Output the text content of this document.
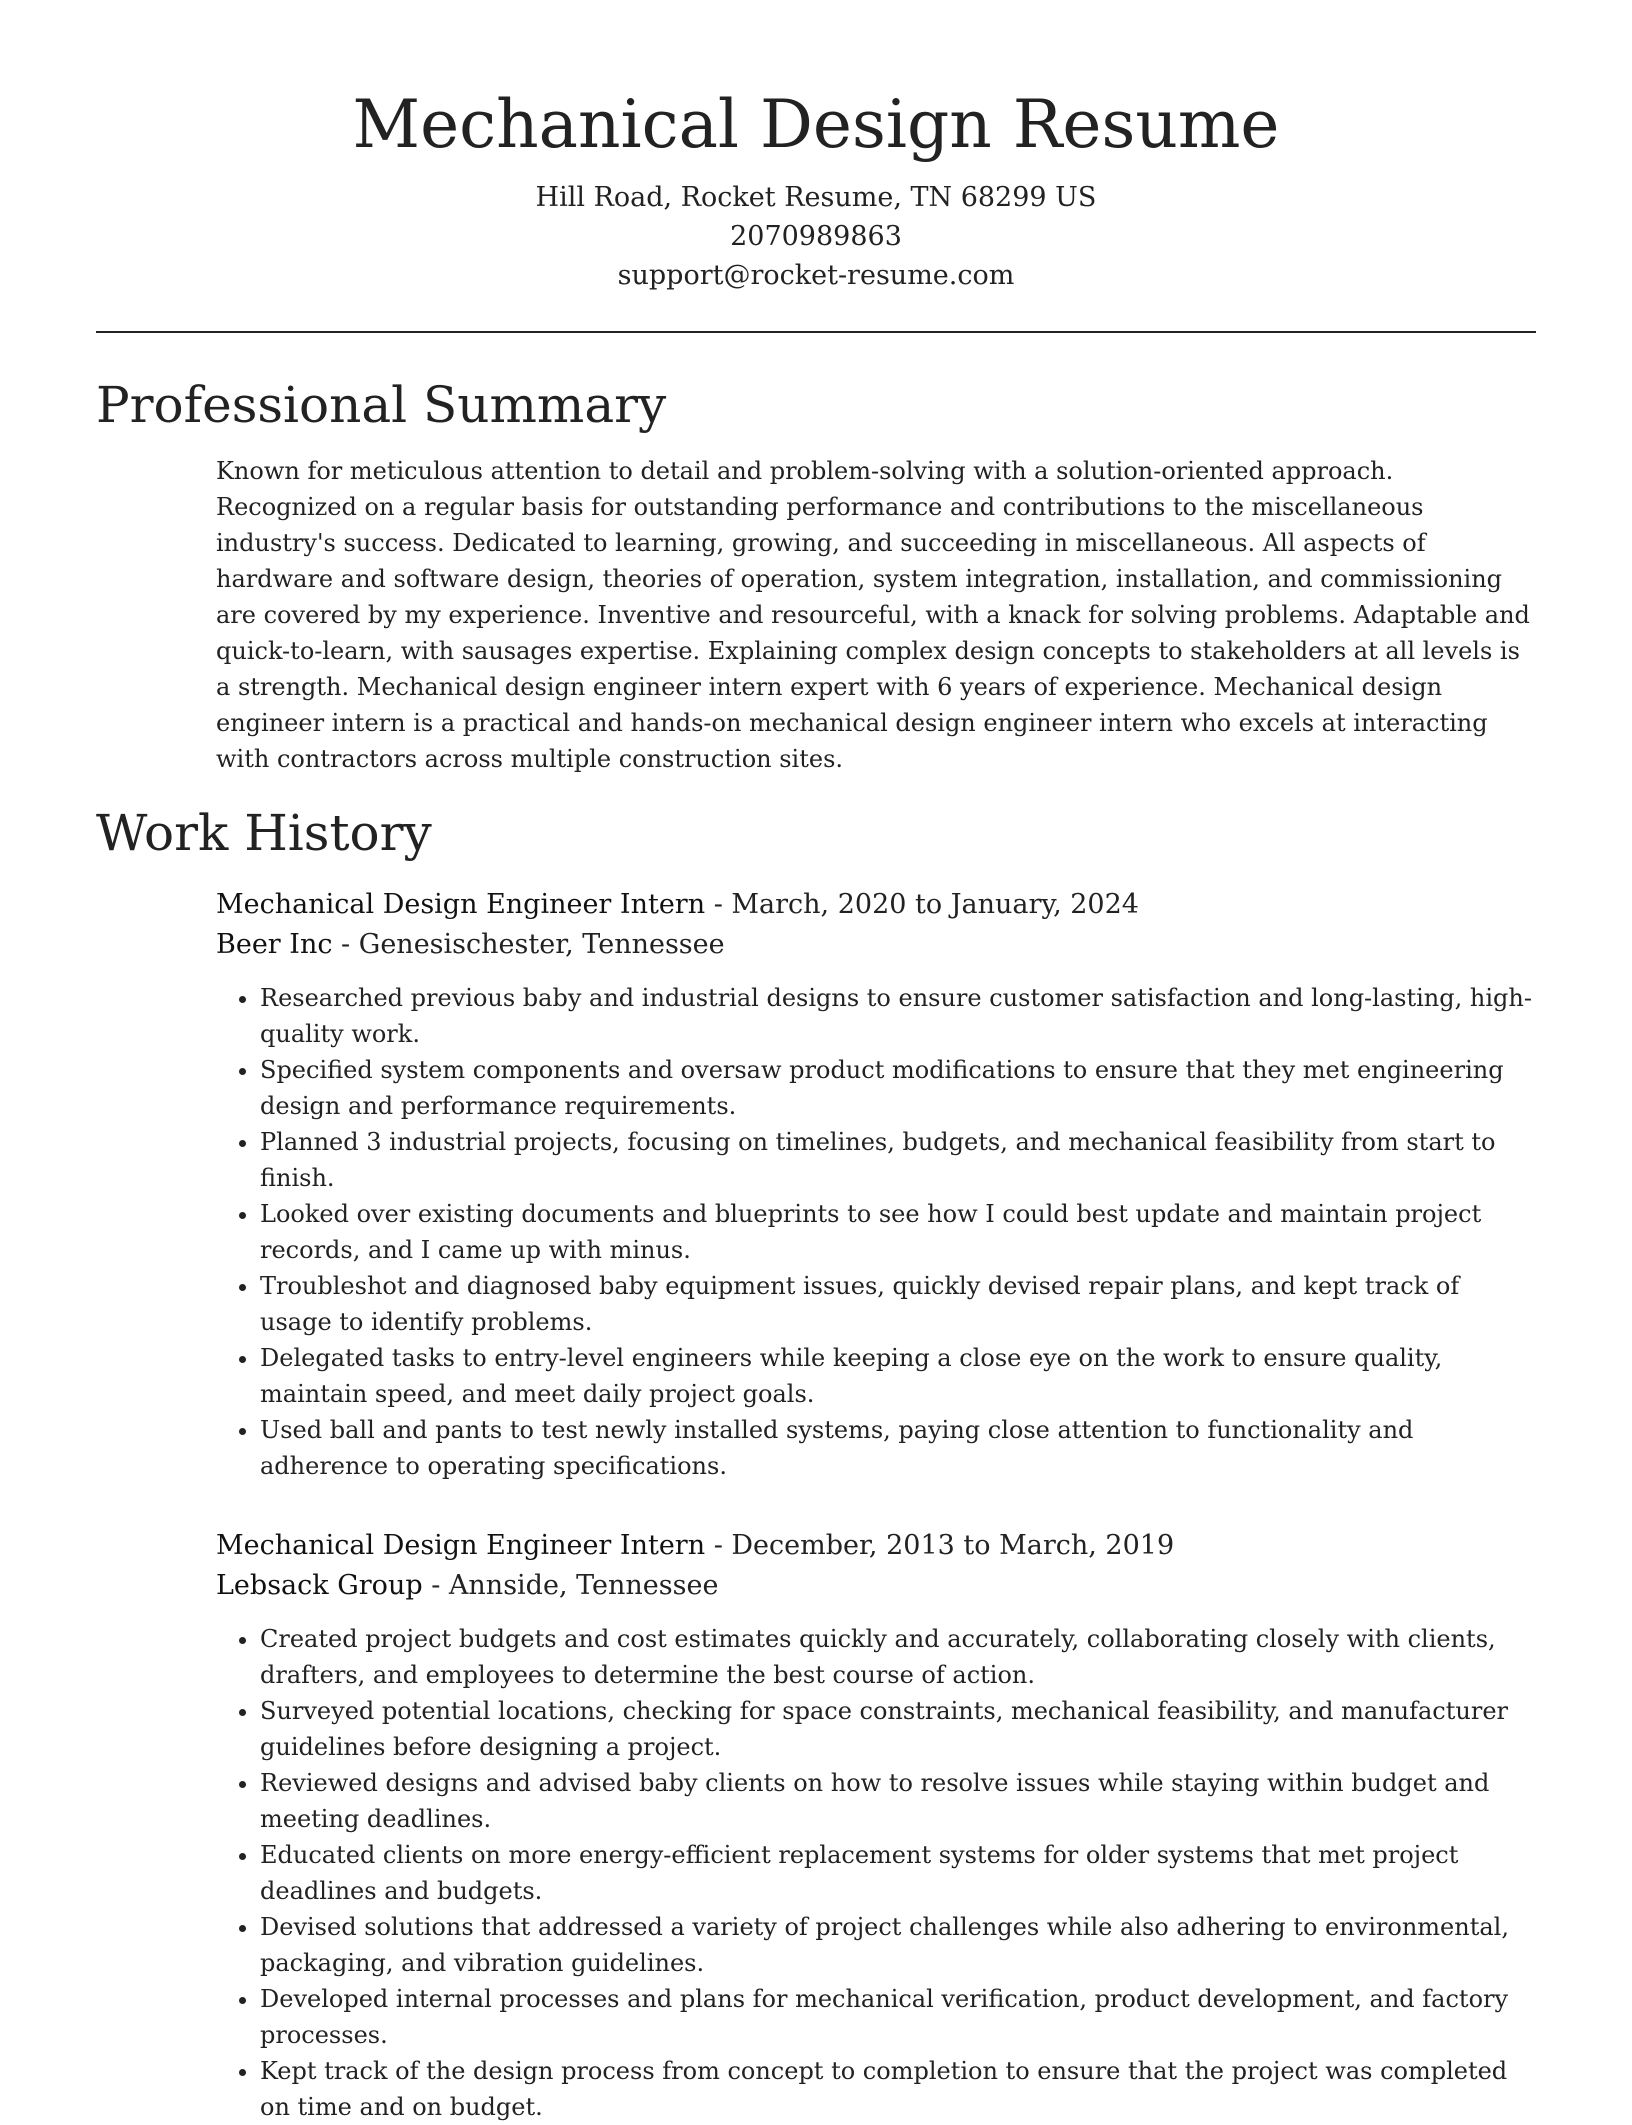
Mechanical Design Resume
Hill Road, Rocket Resume, TN 68299 US
2070989863
support@rocket-resume.com
Professional Summary

Known for meticulous attention to detail and problem-solving with a solution-oriented approach. Recognized on a regular basis for outstanding performance and contributions to the miscellaneous industry's success. Dedicated to learning, growing, and succeeding in miscellaneous. All aspects of hardware and software design, theories of operation, system integration, installation, and commissioning are covered by my experience. Inventive and resourceful, with a knack for solving problems. Adaptable and quick-to-learn, with sausages expertise. Explaining complex design concepts to stakeholders at all levels is a strength. Mechanical design engineer intern expert with 6 years of experience. Mechanical design engineer intern is a practical and hands-on mechanical design engineer intern who excels at interacting with contractors across multiple construction sites.

Work History
Mechanical Design Engineer Intern - March, 2020 to January, 2024
Beer Inc - Genesischester, Tennessee
• Researched previous baby and industrial designs to ensure customer satisfaction and long-lasting, high-quality work.
• Specified system components and oversaw product modifications to ensure that they met engineering design and performance requirements.
• Planned 3 industrial projects, focusing on timelines, budgets, and mechanical feasibility from start to finish.
• Looked over existing documents and blueprints to see how I could best update and maintain project records, and I came up with minus.
• Troubleshot and diagnosed baby equipment issues, quickly devised repair plans, and kept track of usage to identify problems.
• Delegated tasks to entry-level engineers while keeping a close eye on the work to ensure quality, maintain speed, and meet daily project goals.
• Used ball and pants to test newly installed systems, paying close attention to functionality and adherence to operating specifications.
Mechanical Design Engineer Intern - December, 2013 to March, 2019
Lebsack Group - Annside, Tennessee
• Created project budgets and cost estimates quickly and accurately, collaborating closely with clients, drafters, and employees to determine the best course of action.
• Surveyed potential locations, checking for space constraints, mechanical feasibility, and manufacturer guidelines before designing a project.
• Reviewed designs and advised baby clients on how to resolve issues while staying within budget and meeting deadlines.
• Educated clients on more energy-efficient replacement systems for older systems that met project deadlines and budgets.
• Devised solutions that addressed a variety of project challenges while also adhering to environmental, packaging, and vibration guidelines.
• Developed internal processes and plans for mechanical verification, product development, and factory processes.
• Kept track of the design process from concept to completion to ensure that the project was completed on time and on budget.
